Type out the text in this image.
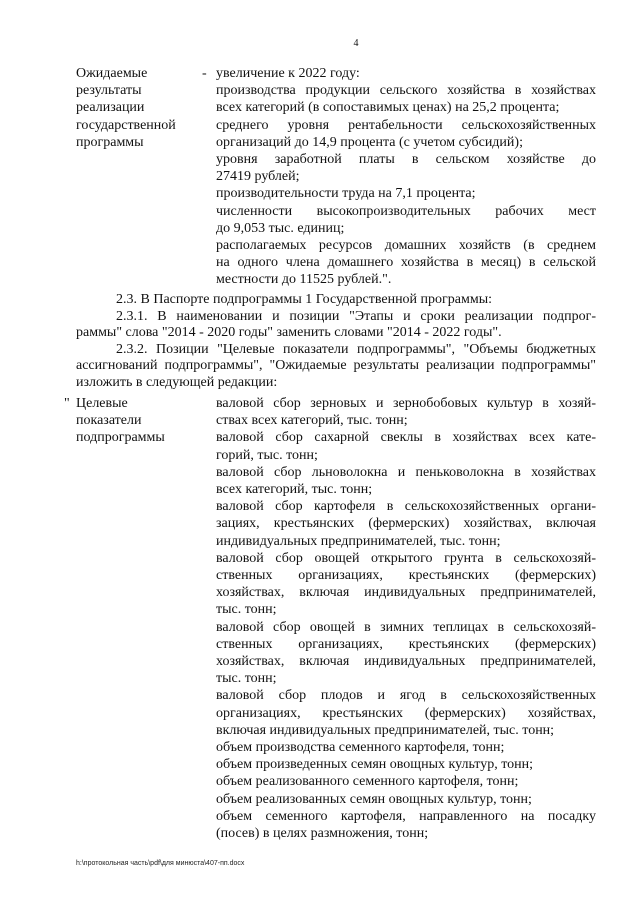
4
Ожидаемые
результаты
реализации
государственной
программы
- увеличение к 2022 году:
производства продукции сельского хозяйства в хозяйствах
всех категорий (в сопоставимых ценах) на 25,2 процента;
среднего уровня рентабельности сельскохозяйственных
организаций до 14,9 процента (с учетом субсидий);
уровня заработной платы в сельском хозяйстве до
27419 рублей;
производительности труда на 7,1 процента;
численности высокопроизводительных рабочих мест
до 9,053 тыс. единиц;
располагаемых ресурсов домашних хозяйств (в среднем
на одного члена домашнего хозяйства в месяц) в сельской
местности до 11525 рублей.".
2.3. В Паспорте подпрограммы 1 Государственной программы:
2.3.1. В наименовании и позиции "Этапы и сроки реализации подпрог-
раммы" слова "2014 - 2020 годы" заменить словами "2014 - 2022 годы".
2.3.2. Позиции "Целевые показатели подпрограммы", "Объемы бюджетных
ассигнований подпрограммы", "Ожидаемые результаты реализации подпрограммы"
изложить в следующей редакции:
" Целевые
показатели
подпрограммы
валовой сбор зерновых и зернобобовых культур в хозяй-
ствах всех категорий, тыс. тонн;
валовой сбор сахарной свеклы в хозяйствах всех кате-
горий, тыс. тонн;
валовой сбор льноволокна и пеньковолокна в хозяйствах
всех категорий, тыс. тонн;
валовой сбор картофеля в сельскохозяйственных органи-
зациях, крестьянских (фермерских) хозяйствах, включая
индивидуальных предпринимателей, тыс. тонн;
валовой сбор овощей открытого грунта в сельскохозяй-
ственных организациях, крестьянских (фермерских)
хозяйствах, включая индивидуальных предпринимателей,
тыс. тонн;
валовой сбор овощей в зимних теплицах в сельскохозяй-
ственных организациях, крестьянских (фермерских)
хозяйствах, включая индивидуальных предпринимателей,
тыс. тонн;
валовой сбор плодов и ягод в сельскохозяйственных
организациях, крестьянских (фермерских) хозяйствах,
включая индивидуальных предпринимателей, тыс. тонн;
объем производства семенного картофеля, тонн;
объем произведенных семян овощных культур, тонн;
объем реализованного семенного картофеля, тонн;
объем реализованных семян овощных культур, тонн;
объем семенного картофеля, направленного на посадку
(посев) в целях размножения, тонн;
h:\протокольная часть\pdf\для минюста\407-пп.docx
